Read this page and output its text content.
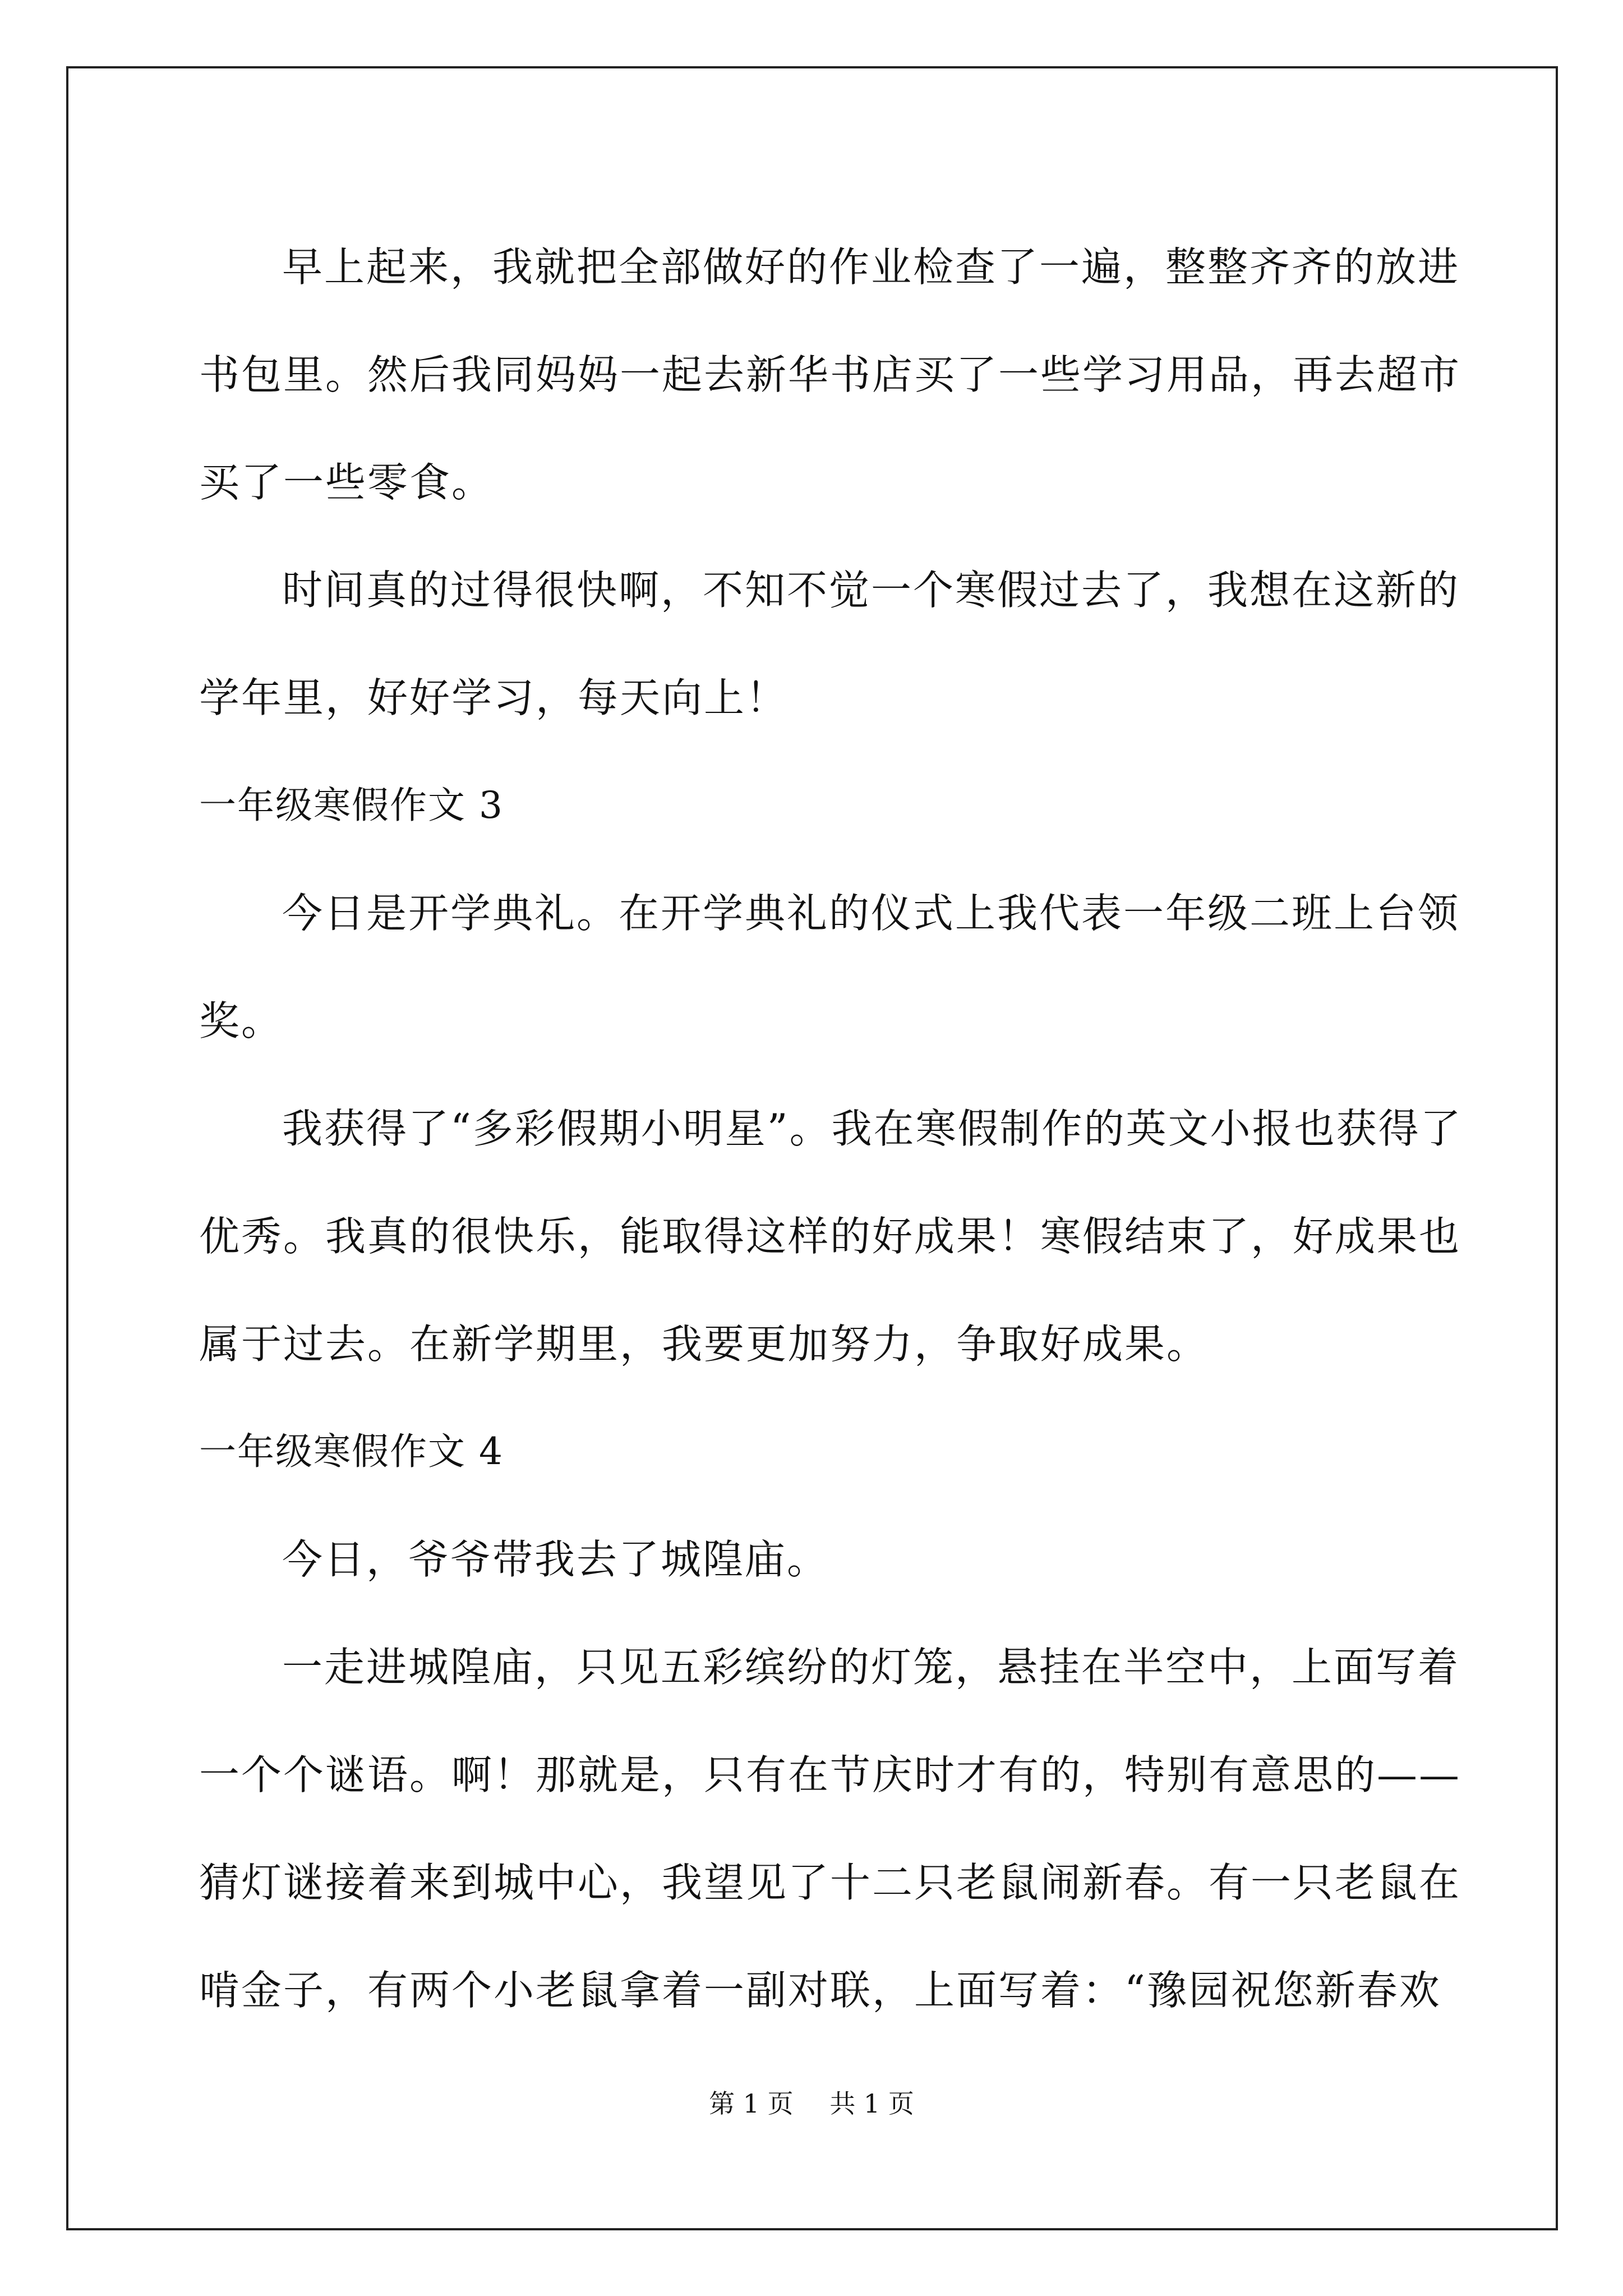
早上起来，我就把全部做好的作业检查了一遍，整整齐齐的放进
书包里。然后我同妈妈一起去新华书店买了一些学习用品，再去超市
买了一些零食。
时间真的过得很快啊，不知不觉一个寒假过去了，我想在这新的
学年里，好好学习，每天向上！
一年级寒假作文 3
今日是开学典礼。在开学典礼的仪式上我代表一年级二班上台领
奖。
我获得了“多彩假期小明星”。我在寒假制作的英文小报也获得了
优秀。我真的很快乐，能取得这样的好成果！寒假结束了，好成果也
属于过去。在新学期里，我要更加努力，争取好成果。
一年级寒假作文 4
今日，爷爷带我去了城隍庙。
一走进城隍庙，只见五彩缤纷的灯笼，悬挂在半空中，上面写着
一个个谜语。啊！那就是，只有在节庆时才有的，特别有意思的——
猜灯谜接着来到城中心，我望见了十二只老鼠闹新春。有一只老鼠在
啃金子，有两个小老鼠拿着一副对联，上面写着：“豫园祝您新春欢
第 1 页 共 1 页
